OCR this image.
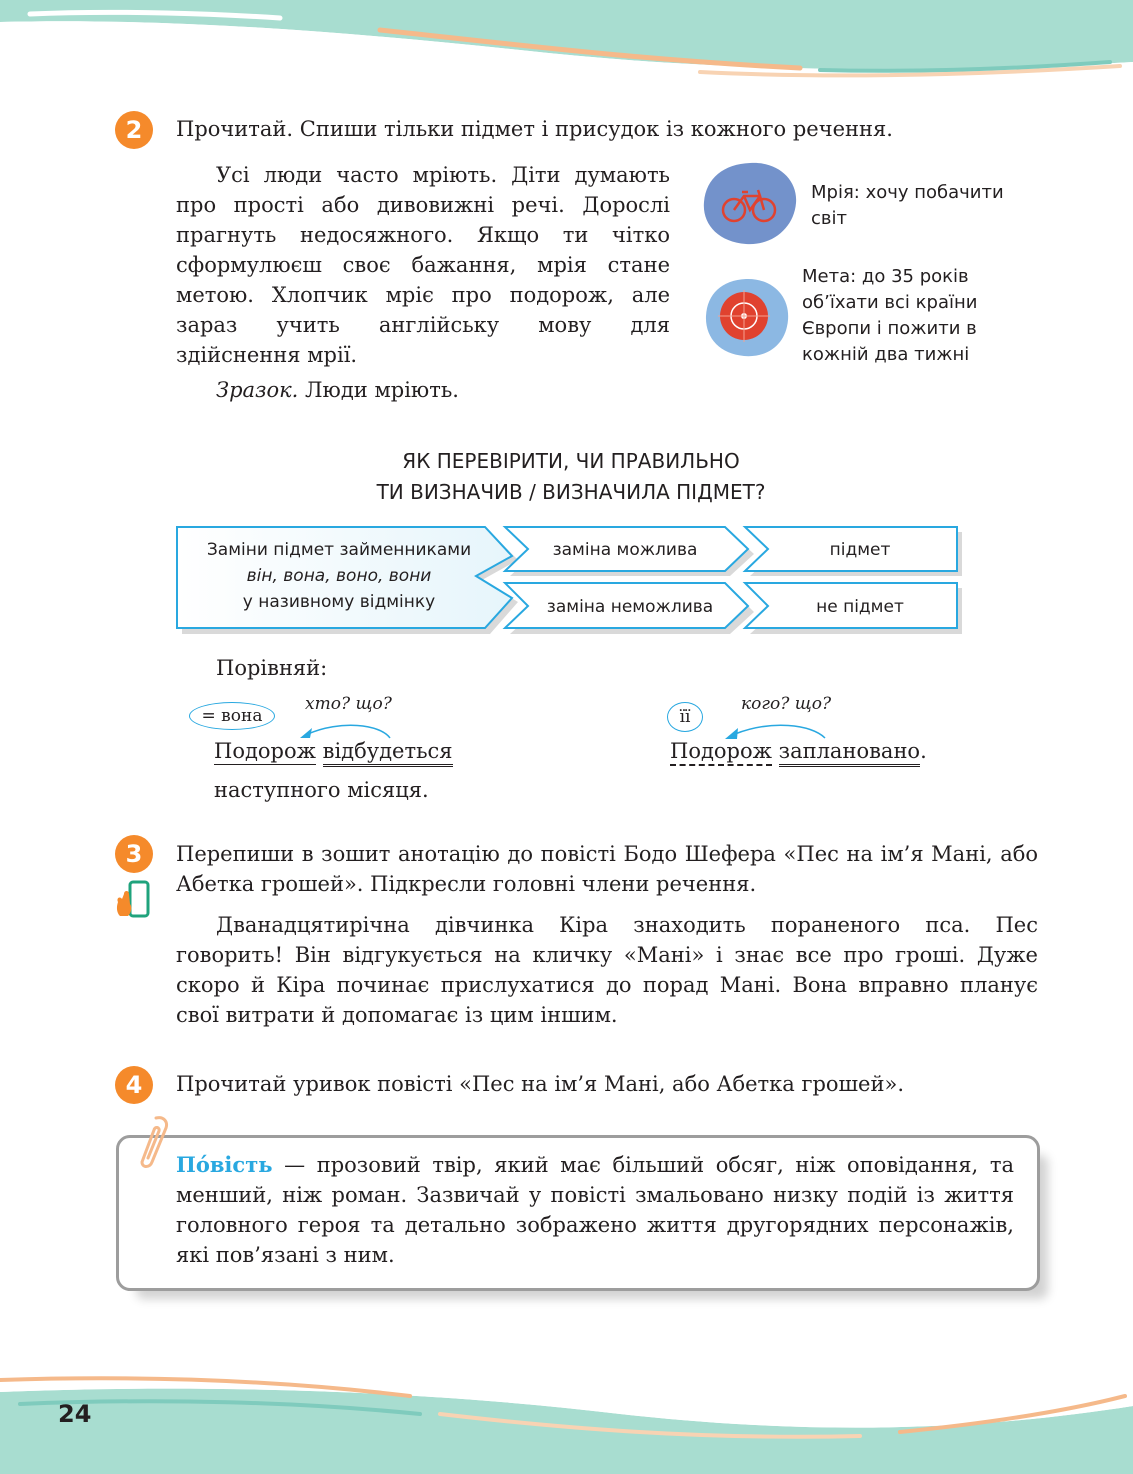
2	Прочитай. Спиши тільки підмет і присудок із кожного речення.

Усі люди часто мріють. Діти думають про прості або дивовижні речі. Дорослі прагнуть недосяжного. Якщо ти чітко сформулюєш своє бажання, мрія стане метою. Хлопчик мріє про подорож, але зараз учить англійську мову для здійснення мрії.

Зразок. Люди мріють.
Мрія: хочу побачити світ
Мета: до 35 років об’їхати всі країни Європи і пожити в кожній два тижні
ЯК ПЕРЕВІРИТИ, ЧИ ПРАВИЛЬНО
ТИ ВИЗНАЧИВ / ВИЗНАЧИЛА ПІДМЕТ?
Заміни підмет займенниками
він, вона, воно, вони
у називному відмінку
заміна можлива
заміна неможлива
підмет
не підмет
Порівняй:
= вона
хто? що?
Подорож відбудеться
наступного місяця.
її
кого? що?
Подорож заплановано.
3	Перепиши в зошит анотацію до повісті Бодо Шефера «Пес на ім’я Мані, або Абетка грошей». Підкресли головні члени речення.

Дванадцятирічна дівчинка Кіра знаходить пораненого пса. Пес говорить! Він відгукується на кличку «Мані» і знає все про гроші. Дуже скоро й Кіра починає прислухатися до порад Мані. Вона вправно планує свої витрати й допомагає із цим іншим.

4	Прочитай уривок повісті «Пес на ім’я Мані, або Абетка грошей».
Пóвість — прозовий твір, який має більший обсяг, ніж оповідання, та менший, ніж роман. Зазвичай у повісті змальовано низку подій із життя головного героя та детально зображено життя другорядних персонажів, які пов’язані з ним.
24
